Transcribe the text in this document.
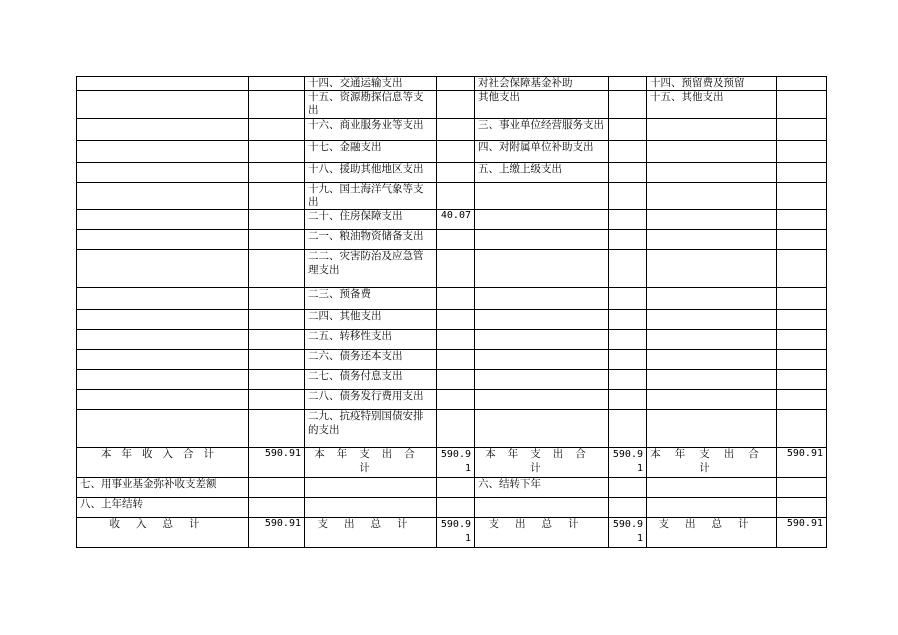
		十四、交通运输支出		对社会保障基金补助		十四、预留费及预留	
		十五、资源勘探信息等支出		其他支出		十五、其他支出	
		十六、商业服务业等支出		三、事业单位经营服务支出			
		十七、金融支出		四、对附属单位补助支出			
		十八、援助其他地区支出		五、上缴上级支出			
		十九、国土海洋气象等支出					
		二十、住房保障支出	40.07				
		二一、粮油物资储备支出					
		二二、灾害防治及应急管理支出					
		二三、预备费					
		二四、其他支出					
		二五、转移性支出					
		二六、债务还本支出					
		二七、债务付息支出					
		二八、债务发行费用支出					
		二九、抗疫特别国债安排的支出					
本年收入合计	590.91	本年支出合计	590.91	本年支出合计	590.91	本年支出合计	590.91
七、用事业基金弥补收支差额				六、结转下年			
八、上年结转							
收入总计	590.91	支出总计	590.91	支出总计	590.91	支出总计	590.91
